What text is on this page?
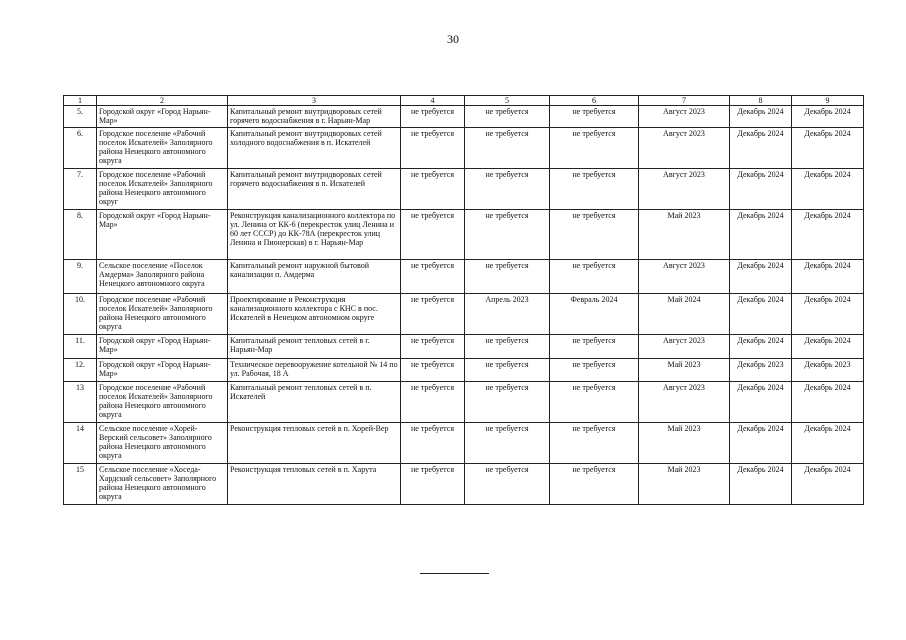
30
1	2	3	4	5	6	7	8	9
5.	Городской округ «Город Нарьян-Мар»	Капитальный ремонт внутридворовых сетей горячего водоснабжения в г. Нарьян-Мар	не требуется	не требуется	не требуется	Август 2023	Декабрь 2024	Декабрь 2024
6.	Городское поселение «Рабочий поселок Искателей» Заполярного района Ненецкого автономного округа	Капитальный ремонт внутридворовых сетей холодного водоснабжения в п. Искателей	не требуется	не требуется	не требуется	Август 2023	Декабрь 2024	Декабрь 2024
7.	Городское поселение «Рабочий поселок Искателей» Заполярного района Ненецкого автономного округ	Капитальный ремонт внутридворовых сетей горячего водоснабжения в п. Искателей	не требуется	не требуется	не требуется	Август 2023	Декабрь 2024	Декабрь 2024
8.	Городской округ «Город Нарьян-Мар»	Реконструкция канализационного коллектора по ул. Ленина от КК-6 (перекресток улиц Ленина и 60 лет СССР) до КК-78А (перекресток улиц Ленина и Пионерская) в г. Нарьян-Мар	не требуется	не требуется	не требуется	Май 2023	Декабрь 2024	Декабрь 2024
9.	Сельское поселение «Поселок Амдерма» Заполярного района Ненецкого автономного округа	Капитальный ремонт наружной бытовой канализации п. Амдерма	не требуется	не требуется	не требуется	Август 2023	Декабрь 2024	Декабрь 2024
10.	Городское поселение «Рабочий поселок Искателей» Заполярного района Ненецкого автономного округа	Проектирование и Реконструкция канализационного коллектора с КНС в пос. Искателей в Ненецком автономном округе	не требуется	Апрель 2023	Февраль 2024	Май 2024	Декабрь 2024	Декабрь 2024
11.	Городской округ «Город Нарьян-Мар»	Капитальный ремонт тепловых сетей в г. Нарьян-Мар	не требуется	не требуется	не требуется	Август 2023	Декабрь 2024	Декабрь 2024
12.	Городской округ «Город Нарьян-Мар»	Техническое перевооружение котельной № 14 по ул. Рабочая, 18 А	не требуется	не требуется	не требуется	Май 2023	Декабрь 2023	Декабрь 2023
13	Городское поселение «Рабочий поселок Искателей» Заполярного района Ненецкого автономного округа	Капитальный ремонт тепловых сетей в п. Искателей	не требуется	не требуется	не требуется	Август 2023	Декабрь 2024	Декабрь 2024
14	Сельское поселение «Хорей-Верский сельсовет» Заполярного района Ненецкого автономного округа	Реконструкция тепловых сетей в п. Хорей-Вер	не требуется	не требуется	не требуется	Май 2023	Декабрь 2024	Декабрь 2024
15	Сельское поселение «Хоседа-Хардский сельсовет» Заполярного района Ненецкого автономного округа	Реконструкция тепловых сетей в п. Харута	не требуется	не требуется	не требуется	Май 2023	Декабрь 2024	Декабрь 2024
